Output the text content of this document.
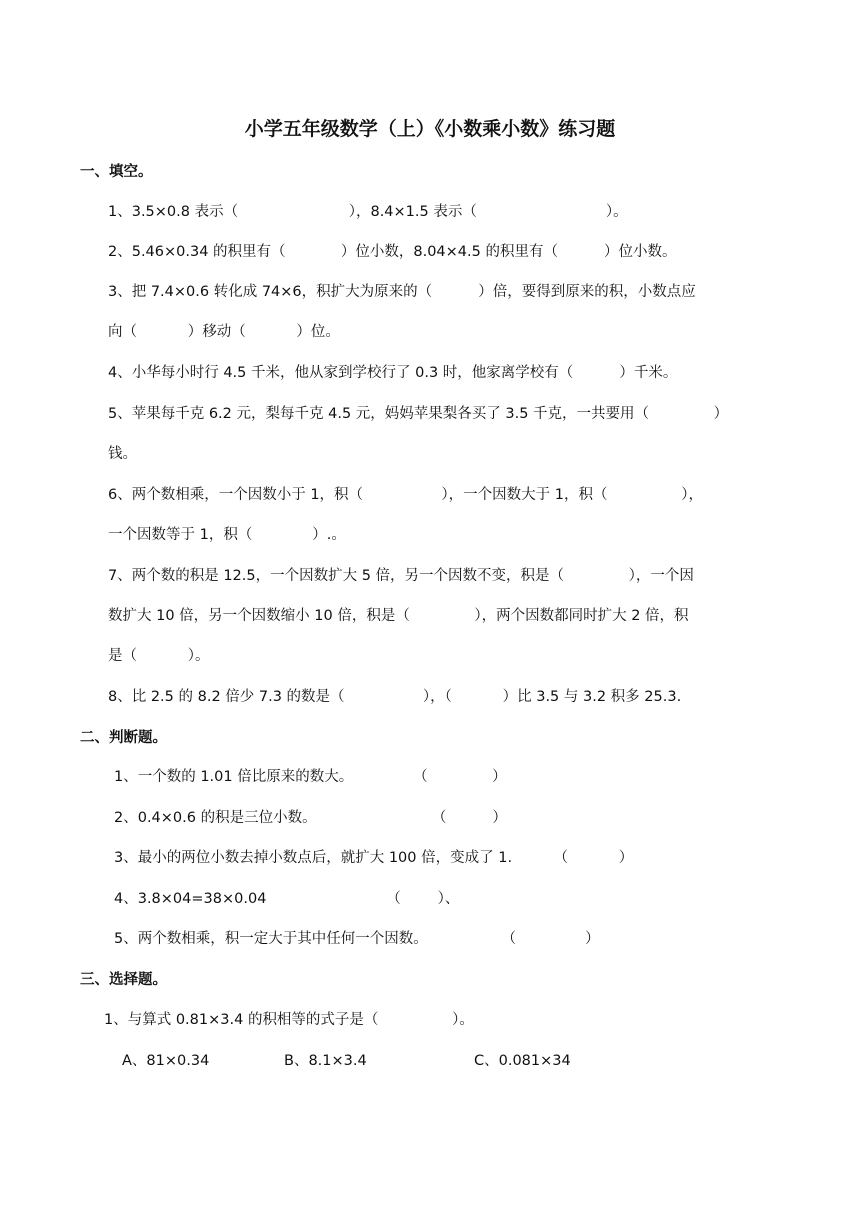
小学五年级数学（上）《小数乘小数》练习题
一、填空。
1、3.5×0.8 表示（                        ），8.4×1.5 表示（                            ）。
2、5.46×0.34 的积里有（            ）位小数，8.04×4.5 的积里有（          ）位小数。
3、把 7.4×0.6 转化成 74×6，积扩大为原来的（          ）倍，要得到原来的积，小数点应
向（           ）移动（           ）位。
4、小华每小时行 4.5 千米，他从家到学校行了 0.3 时，他家离学校有（          ）千米。
5、苹果每千克 6.2 元，梨每千克 4.5 元，妈妈苹果梨各买了 3.5 千克，一共要用（              ）
钱。
6、两个数相乘，一个因数小于 1，积（                 ），一个因数大于 1，积（                ），
一个因数等于 1，积（             ）.。
7、两个数的积是 12.5，一个因数扩大 5 倍，另一个因数不变，积是（              ），一个因
数扩大 10 倍，另一个因数缩小 10 倍，积是（              ），两个因数都同时扩大 2 倍，积
是（           ）。
8、比 2.5 的 8.2 倍少 7.3 的数是（                 ），（           ）比 3.5 与 3.2 积多 25.3.
二、判断题。
1、一个数的 1.01 倍比原来的数大。             （              ）
2、0.4×0.6 的积是三位小数。                         （          ）
3、最小的两位小数去掉小数点后，就扩大 100 倍，变成了 1.         （           ）
4、3.8×04=38×0.04                          （        ）、
5、两个数相乘，积一定大于其中任何一个因数。                （               ）
三、选择题。
1、与算式 0.81×3.4 的积相等的式子是（                ）。
A、81×0.34	B、8.1×3.4	C、0.081×34
